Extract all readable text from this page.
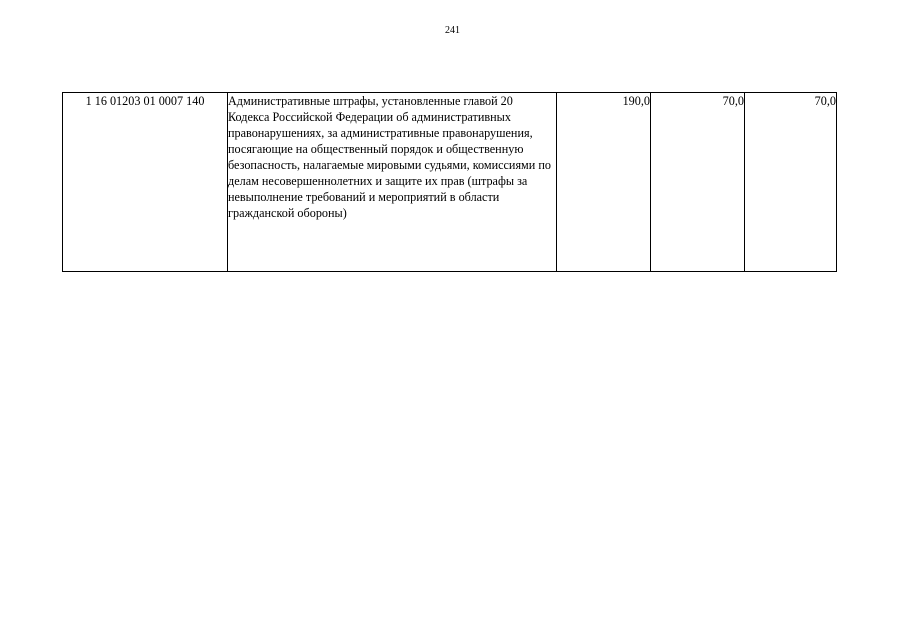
241
1 16 01203 01 0007 140	Административные штрафы, установленные главой 20 Кодекса Российской Федерации об административных правонарушениях, за административные правонарушения, посягающие на общественный порядок и общественную безопасность, налагаемые мировыми судьями, комиссиями по делам несовершеннолетних и защите их прав (штрафы за невыполнение требований и мероприятий в области гражданской обороны)	190,0	70,0	70,0
